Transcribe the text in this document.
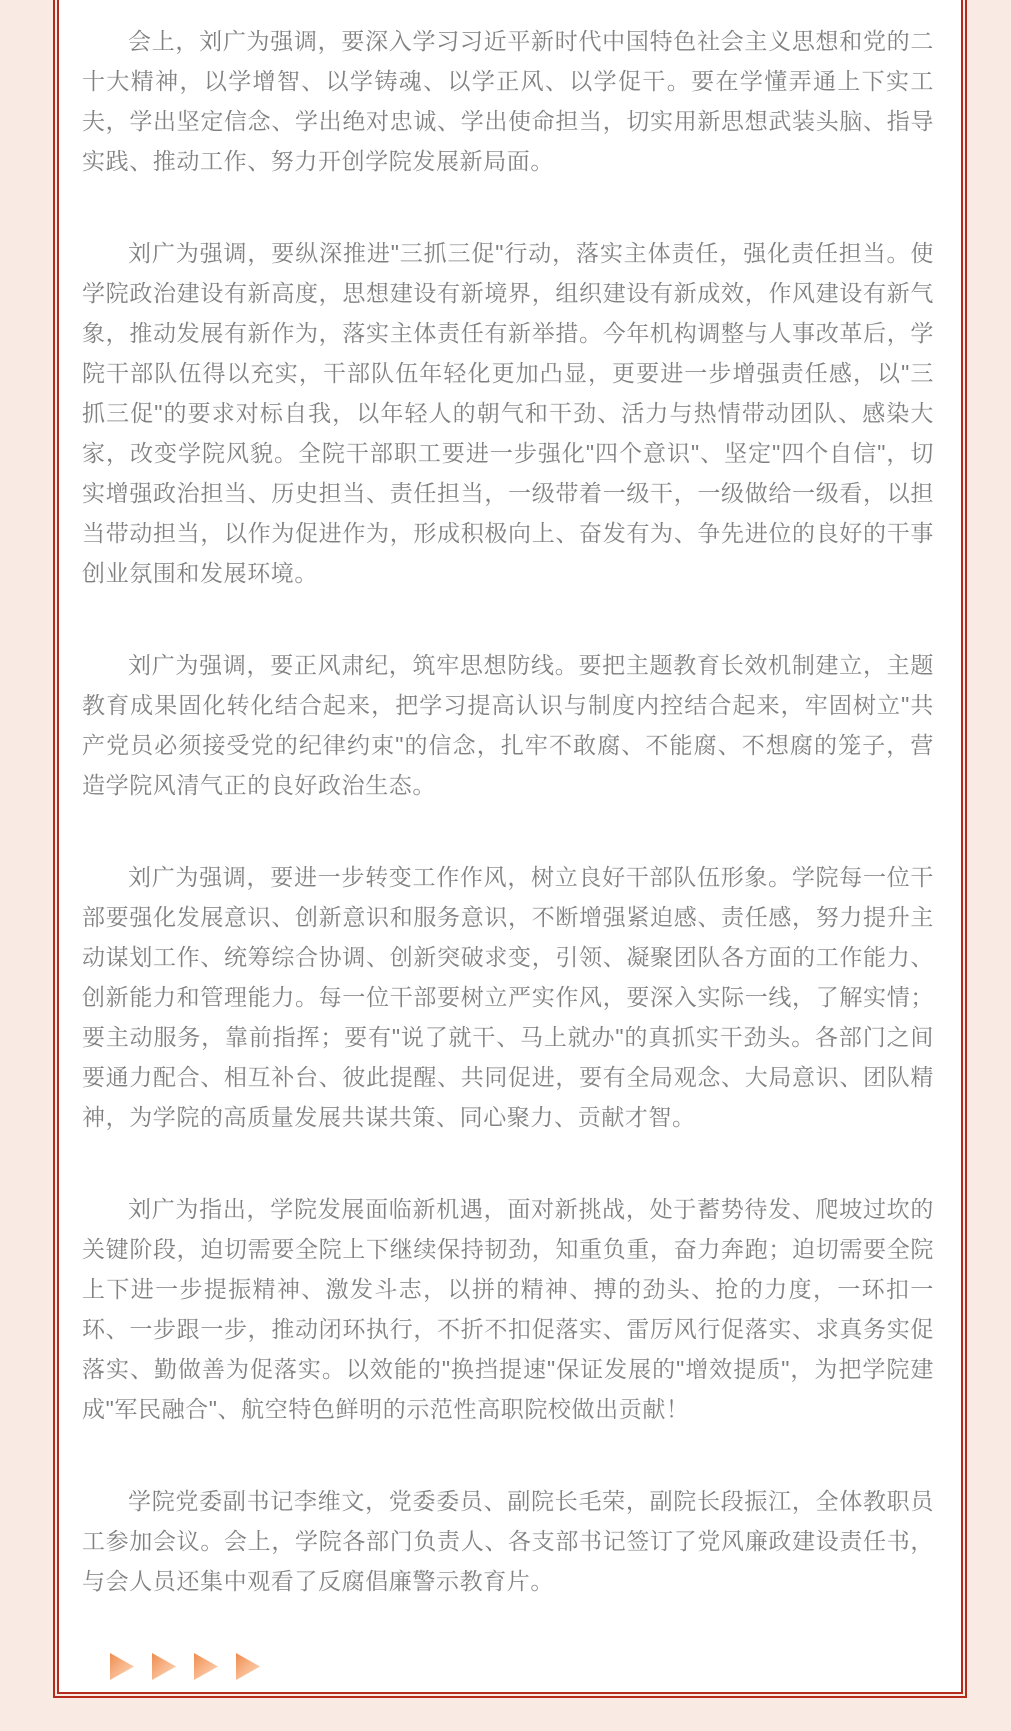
会上，刘广为强调，要深入学习习近平新时代中国特色社会主义思想和党的二十大精神，以学增智、以学铸魂、以学正风、以学促干。要在学懂弄通上下实工夫，学出坚定信念、学出绝对忠诚、学出使命担当，切实用新思想武装头脑、指导实践、推动工作、努力开创学院发展新局面。

刘广为强调，要纵深推进"三抓三促"行动，落实主体责任，强化责任担当。使学院政治建设有新高度，思想建设有新境界，组织建设有新成效，作风建设有新气象，推动发展有新作为，落实主体责任有新举措。今年机构调整与人事改革后，学院干部队伍得以充实，干部队伍年轻化更加凸显，更要进一步增强责任感，以"三抓三促"的要求对标自我，以年轻人的朝气和干劲、活力与热情带动团队、感染大家，改变学院风貌。全院干部职工要进一步强化"四个意识"、坚定"四个自信"，切实增强政治担当、历史担当、责任担当，一级带着一级干，一级做给一级看，以担当带动担当，以作为促进作为，形成积极向上、奋发有为、争先进位的良好的干事创业氛围和发展环境。

刘广为强调，要正风肃纪，筑牢思想防线。要把主题教育长效机制建立，主题教育成果固化转化结合起来，把学习提高认识与制度内控结合起来，牢固树立"共产党员必须接受党的纪律约束"的信念，扎牢不敢腐、不能腐、不想腐的笼子，营造学院风清气正的良好政治生态。

刘广为强调，要进一步转变工作作风，树立良好干部队伍形象。学院每一位干部要强化发展意识、创新意识和服务意识，不断增强紧迫感、责任感，努力提升主动谋划工作、统筹综合协调、创新突破求变，引领、凝聚团队各方面的工作能力、创新能力和管理能力。每一位干部要树立严实作风，要深入实际一线，了解实情；要主动服务，靠前指挥；要有"说了就干、马上就办"的真抓实干劲头。各部门之间要通力配合、相互补台、彼此提醒、共同促进，要有全局观念、大局意识、团队精神，为学院的高质量发展共谋共策、同心聚力、贡献才智。

刘广为指出，学院发展面临新机遇，面对新挑战，处于蓄势待发、爬坡过坎的关键阶段，迫切需要全院上下继续保持韧劲，知重负重，奋力奔跑；迫切需要全院上下进一步提振精神、激发斗志，以拼的精神、搏的劲头、抢的力度，一环扣一环、一步跟一步，推动闭环执行，不折不扣促落实、雷厉风行促落实、求真务实促落实、勤做善为促落实。以效能的"换挡提速"保证发展的"增效提质"，为把学院建成"军民融合"、航空特色鲜明的示范性高职院校做出贡献！

学院党委副书记李维文，党委委员、副院长毛荣，副院长段振江，全体教职员工参加会议。会上，学院各部门负责人、各支部书记签订了党风廉政建设责任书，与会人员还集中观看了反腐倡廉警示教育片。
